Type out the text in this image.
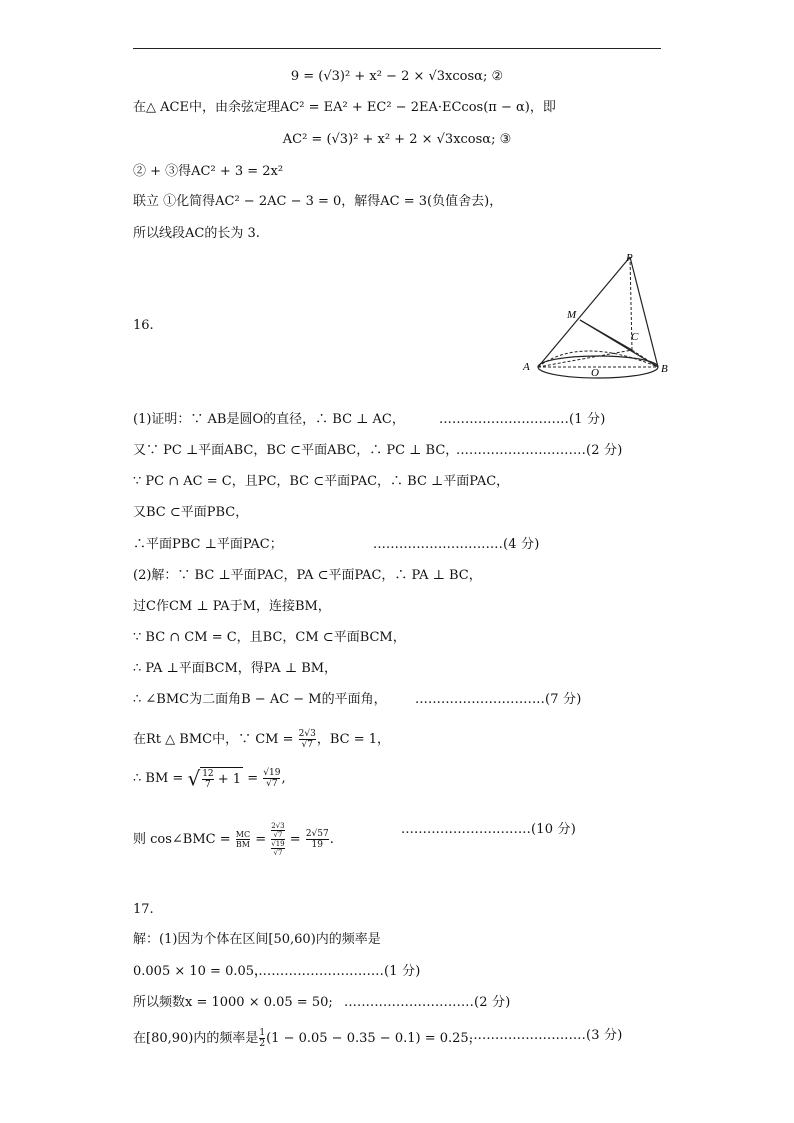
9 = (√3)² + x² − 2 × √3xcosα; ②
在△ ACE中，由余弦定理AC² = EA² + EC² − 2EA·ECcos(π − α)，即
AC² = (√3)² + x² + 2 × √3xcosα; ③
② + ③得AC² + 3 = 2x²
联立 ①化简得AC² − 2AC − 3 = 0，解得AC = 3(负值舍去)，
所以线段AC的长为 3.
16.
P
M
C
A	O	B
(1)证明：∵ AB是圆O的直径，∴ BC ⊥ AC，	..............................(1 分)
又∵ PC ⊥平面ABC，BC ⊂平面ABC，∴ PC ⊥ BC，
..............................(2 分)
∵ PC ∩ AC = C，且PC，BC ⊂平面PAC，∴ BC ⊥平面PAC，
又BC ⊂平面PBC，
∴平面PBC ⊥平面PAC；	..............................(4 分)
(2)解：∵ BC ⊥平面PAC，PA ⊂平面PAC，∴ PA ⊥ BC，
过C作CM ⊥ PA于M，连接BM，
∵ BC ∩ CM = C，且BC，CM ⊂平面BCM，
∴ PA ⊥平面BCM，得PA ⊥ BM，
∴ ∠BMC为二面角B − AC − M的平面角， ..............................(7 分)
在Rt △ BMC中，∵ CM = $\frac{2√3}{√7}$ ，BC = 1，
∴ BM = √ $\frac{12}{7} + 1 = \frac{√19}{√7}$ ,
则 cos∠BMC = $\frac{MC}{BM} = 2√3$
√7
√19
$√7 = \frac{2√57}{19}$ .
..............................(10 分)
17.
解：(1)因为个体在区间[50,60)内的频率是
0.005 × 10 = 0.05，
..............................(1 分)
所以频数x = 1000 × 0.05 = 50; ..............................(2 分)
在[80,90)内的频率是 $\frac{1}{2} (1 - 0.05 - 0.35 - 0.1) = 0.25$，
...........................(3 分)
